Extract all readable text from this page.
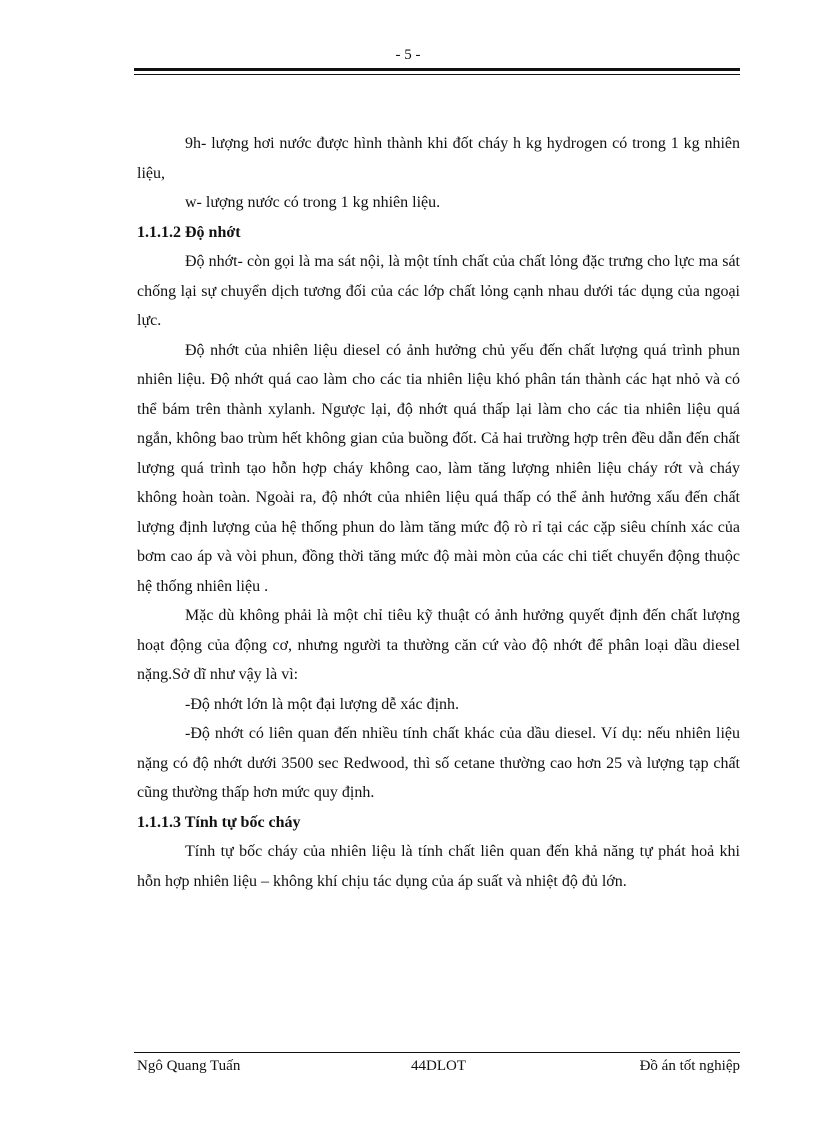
- 5 -

9h- lượng hơi nước được hình thành khi đốt cháy h kg hydrogen có trong 1 kg nhiên liệu,

w- lượng nước có trong 1 kg nhiên liệu.

1.1.1.2 Độ nhớt

Độ nhớt- còn gọi là ma sát nội, là một tính chất của chất lỏng đặc trưng cho lực ma sát chống lại sự chuyển dịch tương đối của các lớp chất lỏng cạnh nhau dưới tác dụng của ngoại lực.

Độ nhớt của nhiên liệu diesel có ảnh hưởng chủ yếu đến chất lượng quá trình phun nhiên liệu. Độ nhớt quá cao làm cho các tia nhiên liệu khó phân tán thành các hạt nhỏ và có thể bám trên thành xylanh. Ngược lại, độ nhớt quá thấp lại làm cho các tia nhiên liệu quá ngắn, không bao trùm hết không gian của buồng đốt. Cả hai trường hợp trên đều dẫn đến chất lượng quá trình tạo hỗn hợp cháy không cao, làm tăng lượng nhiên liệu cháy rớt và cháy không hoàn toàn. Ngoài ra, độ nhớt của nhiên liệu quá thấp có thể ảnh hưởng xấu đến chất lượng định lượng của hệ thống phun do làm tăng mức độ rò rỉ tại các cặp siêu chính xác của bơm cao áp và vòi phun, đồng thời tăng mức độ mài mòn của các chi tiết chuyển động thuộc hệ thống nhiên liệu .

Mặc dù không phải là một chỉ tiêu kỹ thuật có ảnh hưởng quyết định đến chất lượng hoạt động của động cơ, nhưng người ta thường căn cứ vào độ nhớt để phân loại dầu diesel nặng.Sở dĩ như vậy là vì:

-Độ nhớt lớn là một đại lượng dễ xác định.

-Độ nhớt có liên quan đến nhiều tính chất khác của dầu diesel. Ví dụ: nếu nhiên liệu nặng có độ nhớt dưới 3500 sec Redwood, thì số cetane thường cao hơn 25 và lượng tạp chất cũng thường thấp hơn mức quy định.

1.1.1.3 Tính tự bốc cháy

Tính tự bốc cháy của nhiên liệu là tính chất liên quan đến khả năng tự phát hoả khi hỗn hợp nhiên liệu – không khí chịu tác dụng của áp suất và nhiệt độ đủ lớn.

Ngô Quang Tuấn	44DLOT	Đồ án tốt nghiệp
